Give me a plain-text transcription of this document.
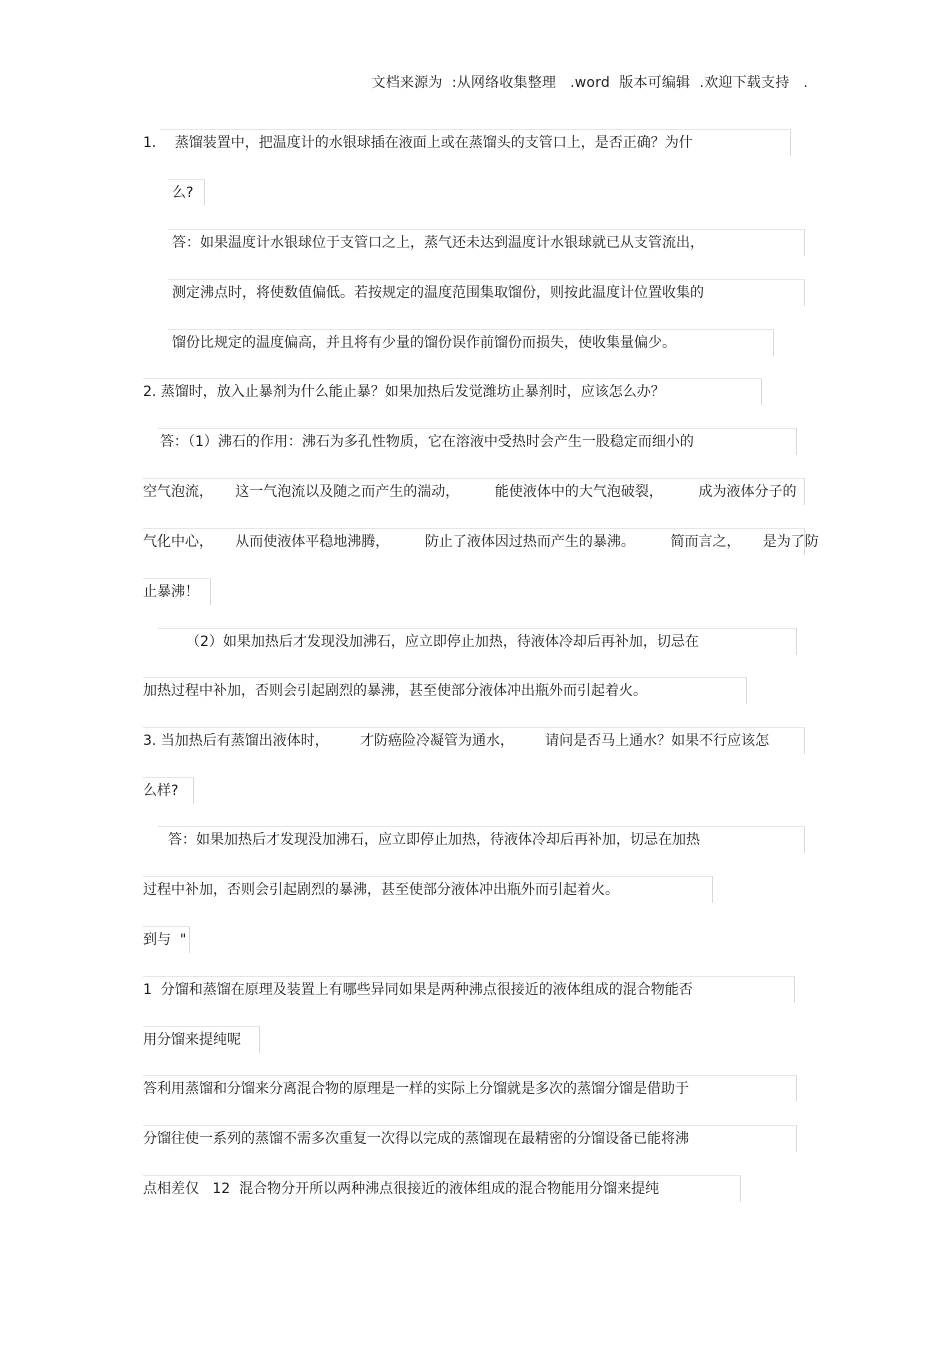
文档来源为  :从网络收集整理   .word  版本可编辑  .欢迎下载支持   .
1．  蒸馏装置中，把温度计的水银球插在液面上或在蒸馏头的支管口上，是否正确？为什
么?
答：如果温度计水银球位于支管口之上，蒸气还未达到温度计水银球就已从支管流出，
测定沸点时，将使数值偏低。若按规定的温度范围集取馏份，则按此温度计位置收集的
馏份比规定的温度偏高，并且将有少量的馏份误作前馏份而损失，使收集量偏少。
2. 蒸馏时，放入止暴剂为什么能止暴？如果加热后发觉潍坊止暴剂时，应该怎么办？
答：（1）沸石的作用：沸石为多孔性物质，它在溶液中受热时会产生一股稳定而细小的
空气泡流，     这一气泡流以及随之而产生的湍动，        能使液体中的大气泡破裂，        成为液体分子的
气化中心，     从而使液体平稳地沸腾，        防止了液体因过热而产生的暴沸。        简而言之，     是为了防
止暴沸！
（2）如果加热后才发现没加沸石，应立即停止加热，待液体冷却后再补加，切忌在
加热过程中补加，否则会引起剧烈的暴沸，甚至使部分液体冲出瓶外而引起着火。
3. 当加热后有蒸馏出液体时，       才防癌险冷凝管为通水，       请问是否马上通水？如果不行应该怎
么样?
答：如果加热后才发现没加沸石，应立即停止加热，待液体冷却后再补加，切忌在加热
过程中补加，否则会引起剧烈的暴沸，甚至使部分液体冲出瓶外而引起着火。
到与  "
1  分馏和蒸馏在原理及装置上有哪些异同如果是两种沸点很接近的液体组成的混合物能否
用分馏来提纯呢
答利用蒸馏和分馏来分离混合物的原理是一样的实际上分馏就是多次的蒸馏分馏是借助于
分馏往使一系列的蒸馏不需多次重复一次得以完成的蒸馏现在最精密的分馏设备已能将沸
点相差仅   12  混合物分开所以两种沸点很接近的液体组成的混合物能用分馏来提纯
